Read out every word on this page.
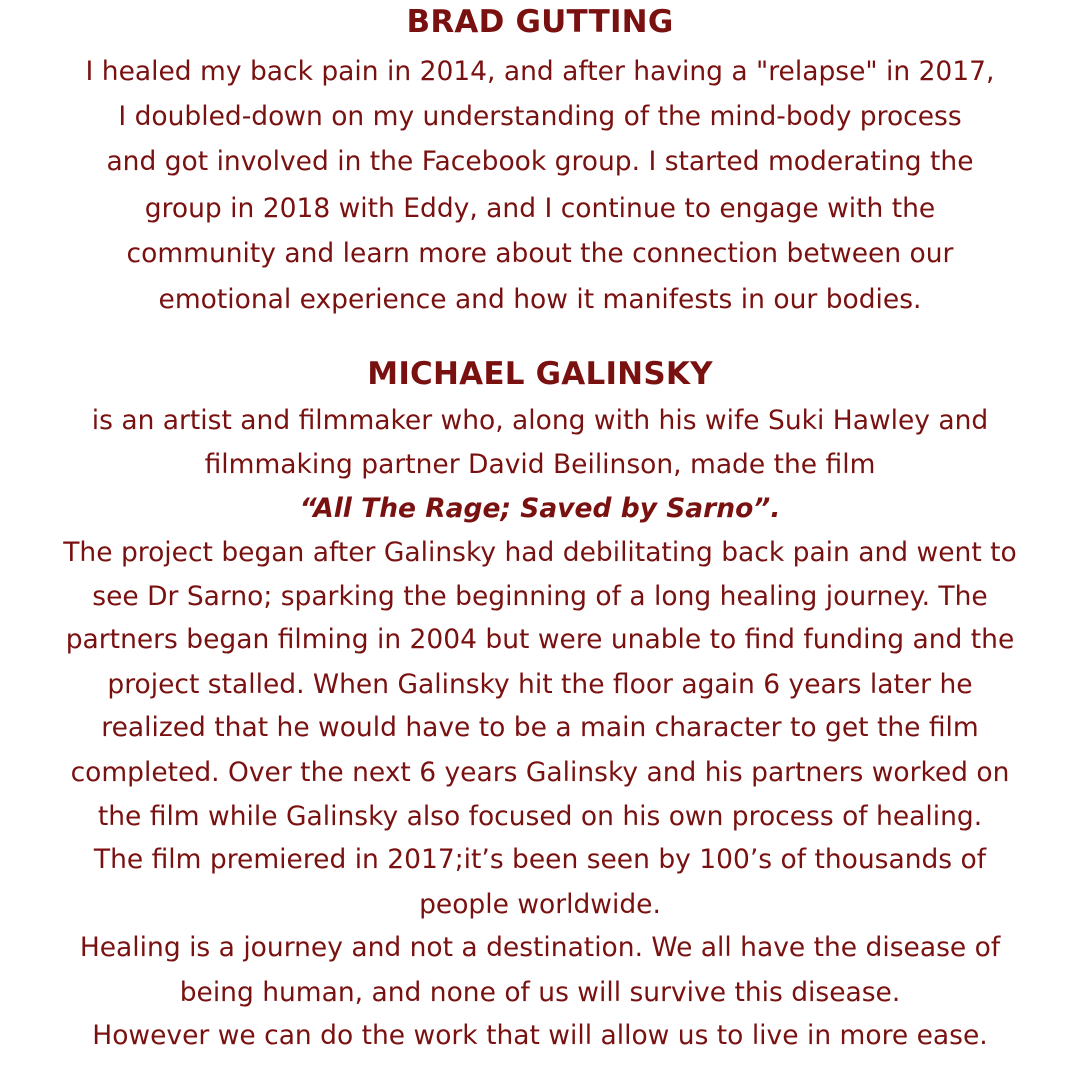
BRAD GUTTING
I healed my back pain in 2014, and after having a "relapse" in 2017,
I doubled-down on my understanding of the mind-body process
and got involved in the Facebook group. I started moderating the
group in 2018 with Eddy, and I continue to engage with the
community and learn more about the connection between our
emotional experience and how it manifests in our bodies.
MICHAEL GALINSKY
is an artist and filmmaker who, along with his wife Suki Hawley and
filmmaking partner David Beilinson, made the film
“All The Rage; Saved by Sarno”.
The project began after Galinsky had debilitating back pain and went to
see Dr Sarno; sparking the beginning of a long healing journey. The
partners began filming in 2004 but were unable to find funding and the
project stalled. When Galinsky hit the floor again 6 years later he
realized that he would have to be a main character to get the film
completed. Over the next 6 years Galinsky and his partners worked on
the film while Galinsky also focused on his own process of healing.
The film premiered in 2017;it’s been seen by 100’s of thousands of
people worldwide.
Healing is a journey and not a destination. We all have the disease of
being human, and none of us will survive this disease.
However we can do the work that will allow us to live in more ease.
